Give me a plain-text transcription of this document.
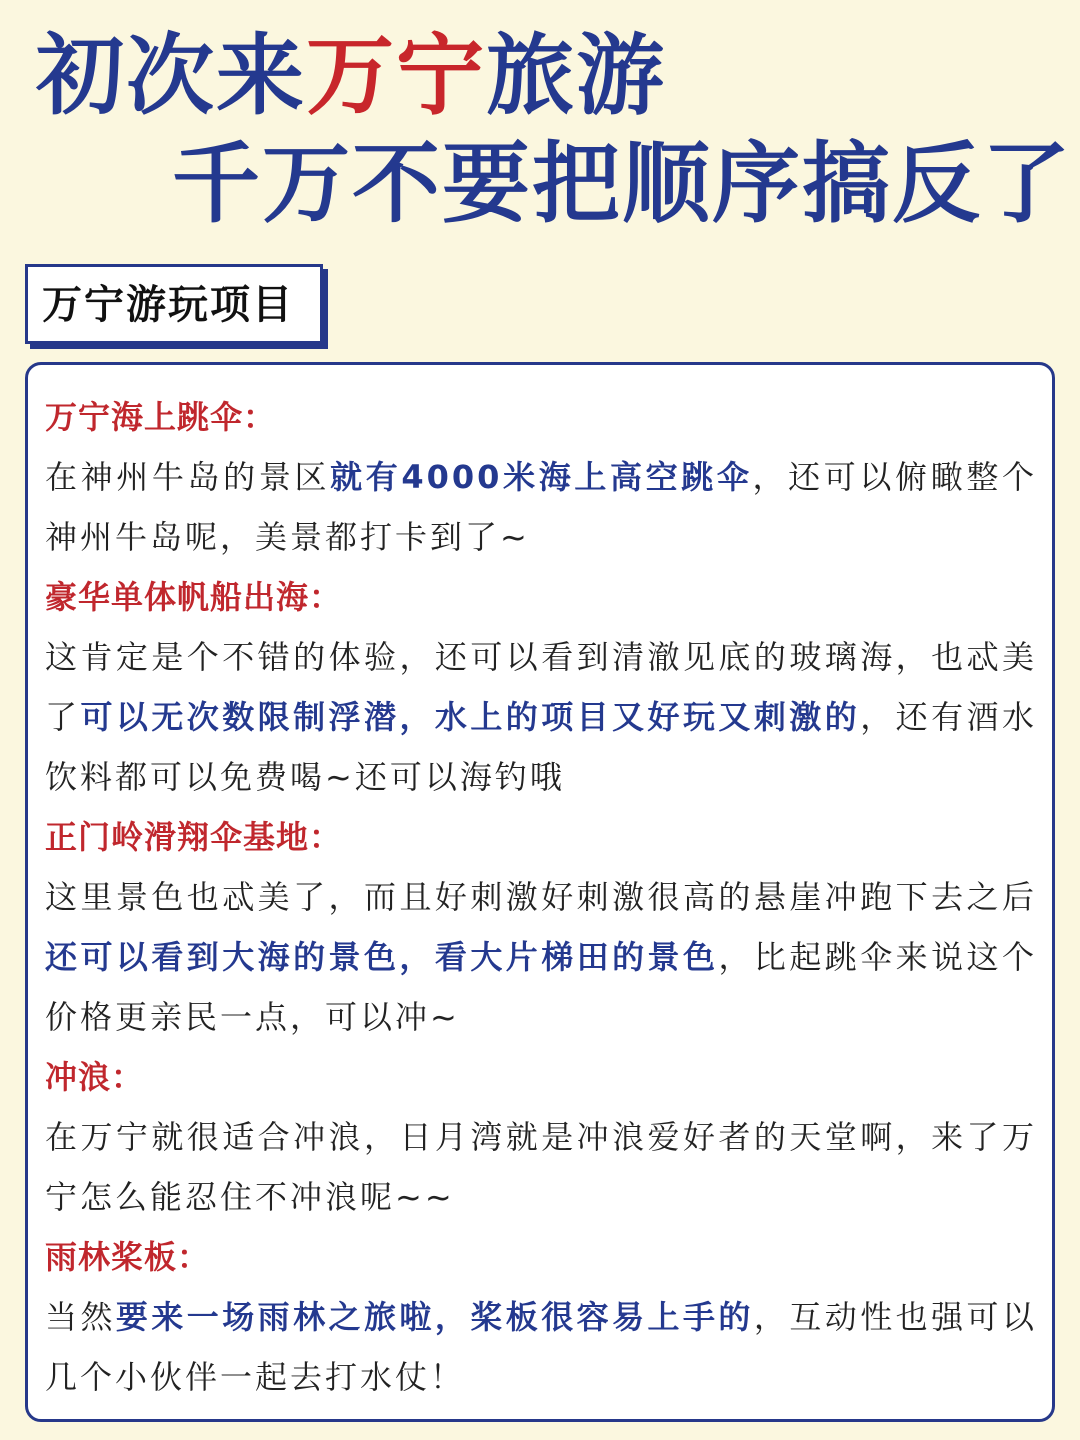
初次来万宁旅游
千万不要把顺序搞反了
万宁游玩项目
万宁海上跳伞：
在神州牛岛的景区就有4000米海上高空跳伞，还可以俯瞰整个神州牛岛呢，美景都打卡到了~
豪华单体帆船出海：
这肯定是个不错的体验，还可以看到清澈见底的玻璃海，也忒美了可以无次数限制浮潜，水上的项目又好玩又刺激的，还有酒水饮料都可以免费喝~还可以海钓哦
正门岭滑翔伞基地：
这里景色也忒美了，而且好刺激好刺激很高的悬崖冲跑下去之后还可以看到大海的景色，看大片梯田的景色，比起跳伞来说这个价格更亲民一点，可以冲~
冲浪：
在万宁就很适合冲浪，日月湾就是冲浪爱好者的天堂啊，来了万宁怎么能忍住不冲浪呢~~
雨林桨板：
当然要来一场雨林之旅啦，桨板很容易上手的，互动性也强可以几个小伙伴一起去打水仗！
